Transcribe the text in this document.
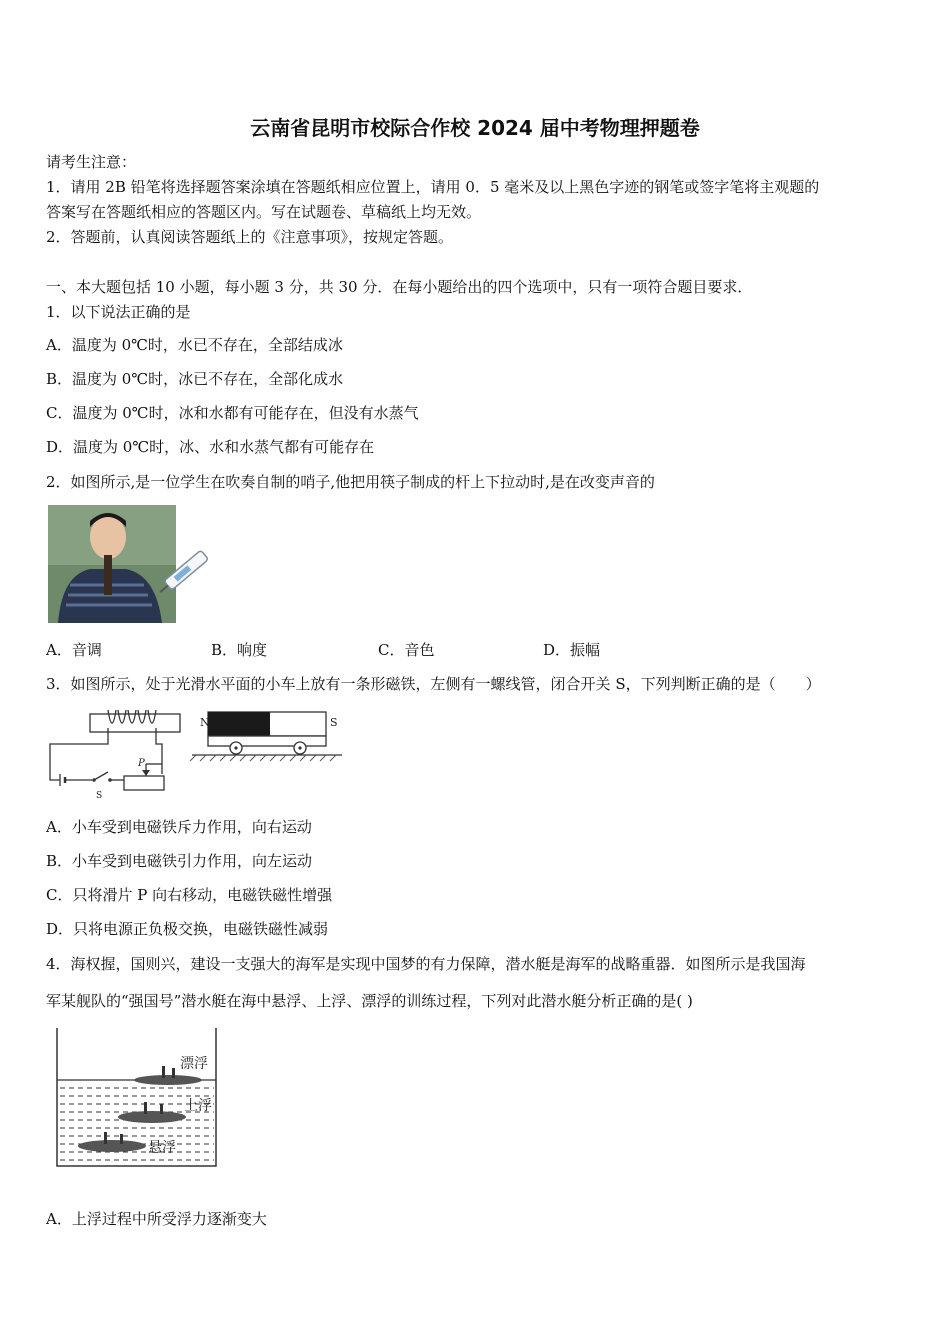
云南省昆明市校际合作校 2024 届中考物理押题卷
请考生注意：
1．请用 2B 铅笔将选择题答案涂填在答题纸相应位置上，请用 0．5 毫米及以上黑色字迹的钢笔或签字笔将主观题的
答案写在答题纸相应的答题区内。写在试题卷、草稿纸上均无效。
2．答题前，认真阅读答题纸上的《注意事项》，按规定答题。
一、本大题包括 10 小题，每小题 3 分，共 30 分．在每小题给出的四个选项中，只有一项符合题目要求．
1．以下说法正确的是
A．温度为 0℃时，水已不存在，全部结成冰
B．温度为 0℃时，冰已不存在，全部化成水
C．温度为 0℃时，冰和水都有可能存在，但没有水蒸气
D．温度为 0℃时，冰、水和水蒸气都有可能存在
2．如图所示,是一位学生在吹奏自制的哨子,他把用筷子制成的杆上下拉动时,是在改变声音的
A．音调	B．响度	C．音色	D．振幅
3．如图所示，处于光滑水平面的小车上放有一条形磁铁，左侧有一螺线管，闭合开关 S，下列判断正确的是（　　）
P
S
N	S
A．小车受到电磁铁斥力作用，向右运动
B．小车受到电磁铁引力作用，向左运动
C．只将滑片 P 向右移动，电磁铁磁性增强
D．只将电源正负极交换，电磁铁磁性减弱
4．海权握，国则兴，建设一支强大的海军是实现中国梦的有力保障，潜水艇是海军的战略重器．如图所示是我国海
军某舰队的“强国号”潜水艇在海中悬浮、上浮、漂浮的训练过程，下列对此潜水艇分析正确的是( )
漂浮
上浮
悬浮
A．上浮过程中所受浮力逐渐变大
